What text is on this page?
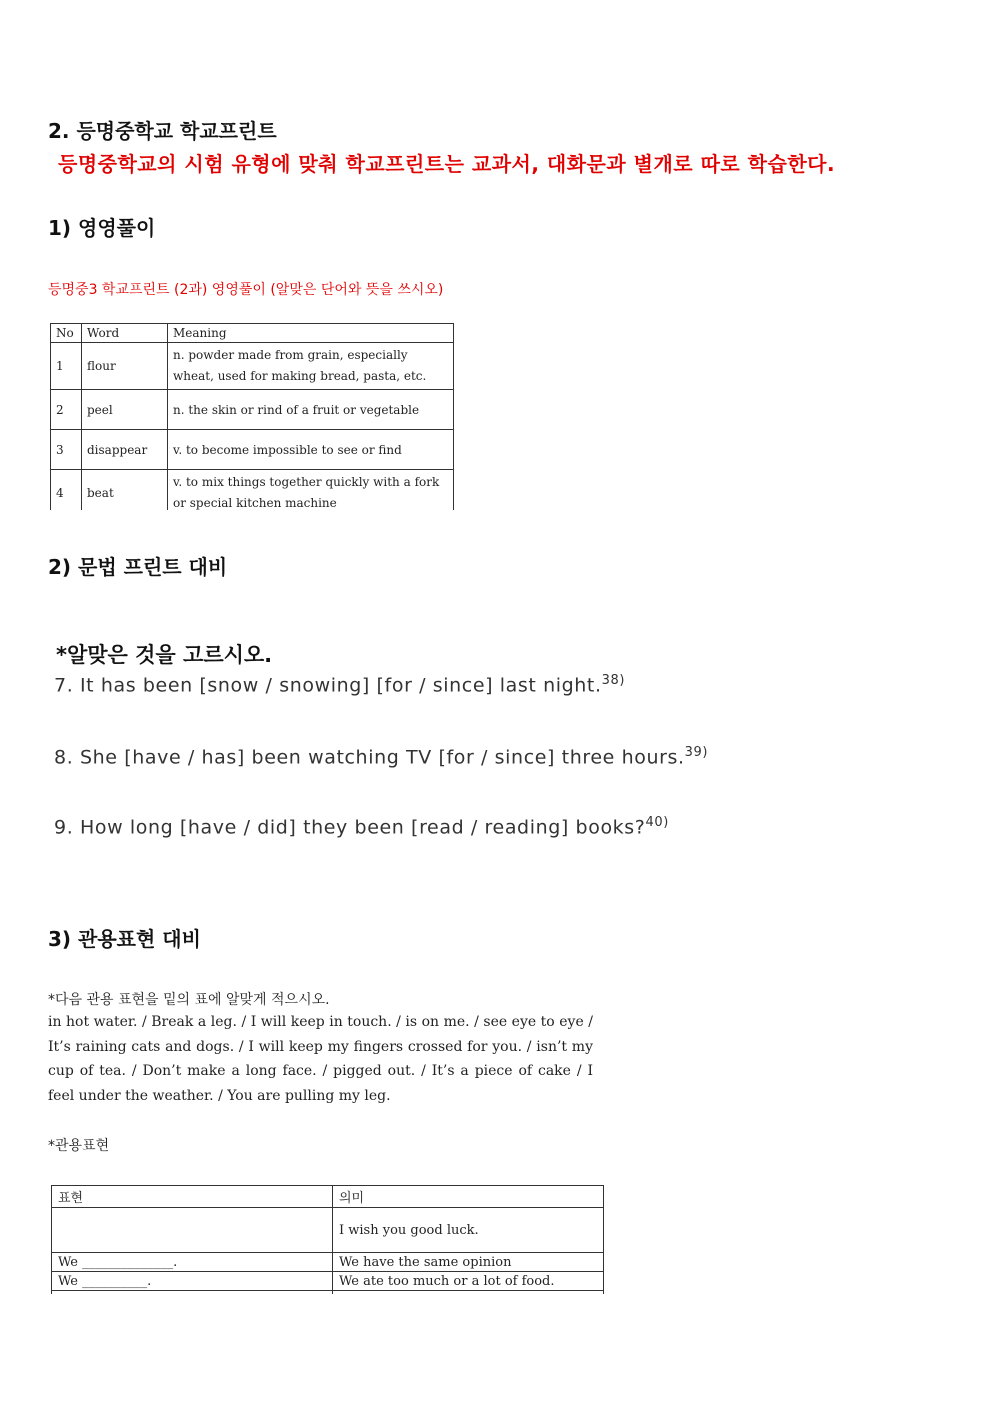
2. 등명중학교 학교프린트
등명중학교의 시험 유형에 맞춰 학교프린트는 교과서, 대화문과 별개로 따로 학습한다.
1) 영영풀이
등명중3 학교프린트 (2과) 영영풀이 (알맞은 단어와 뜻을 쓰시오)
No	Word	Meaning
1	flour	n. powder made from grain, especially wheat, used for making bread, pasta, etc.
2	peel	n. the skin or rind of a fruit or vegetable
3	disappear	v. to become impossible to see or find
4	beat	v. to mix things together quickly with a fork or special kitchen machine

2) 문법 프린트 대비
*알맞은 것을 고르시오.
7. It has been [snow / snowing] [for / since] last night.$^{38)}$
8. She [have / has] been watching TV [for / since] three hours.$^{39)}$
9. How long [have / did] they been [read / reading] books?$^{40)}$
3) 관용표현 대비
*다음 관용 표현을 밑의 표에 알맞게 적으시오.
in hot water. / Break a leg. / I will keep in touch. / is on me. / see eye to eye / It’s raining cats and dogs. / I will keep my fingers crossed for you. / isn’t my cup of tea. / Don’t make a long face. / pigged out. / It’s a piece of cake / I feel under the weather. / You are pulling my leg.
*관용표현
표현	의미
	I wish you good luck.
We ______________.	We have the same opinion
We __________.	We ate too much or a lot of food.
